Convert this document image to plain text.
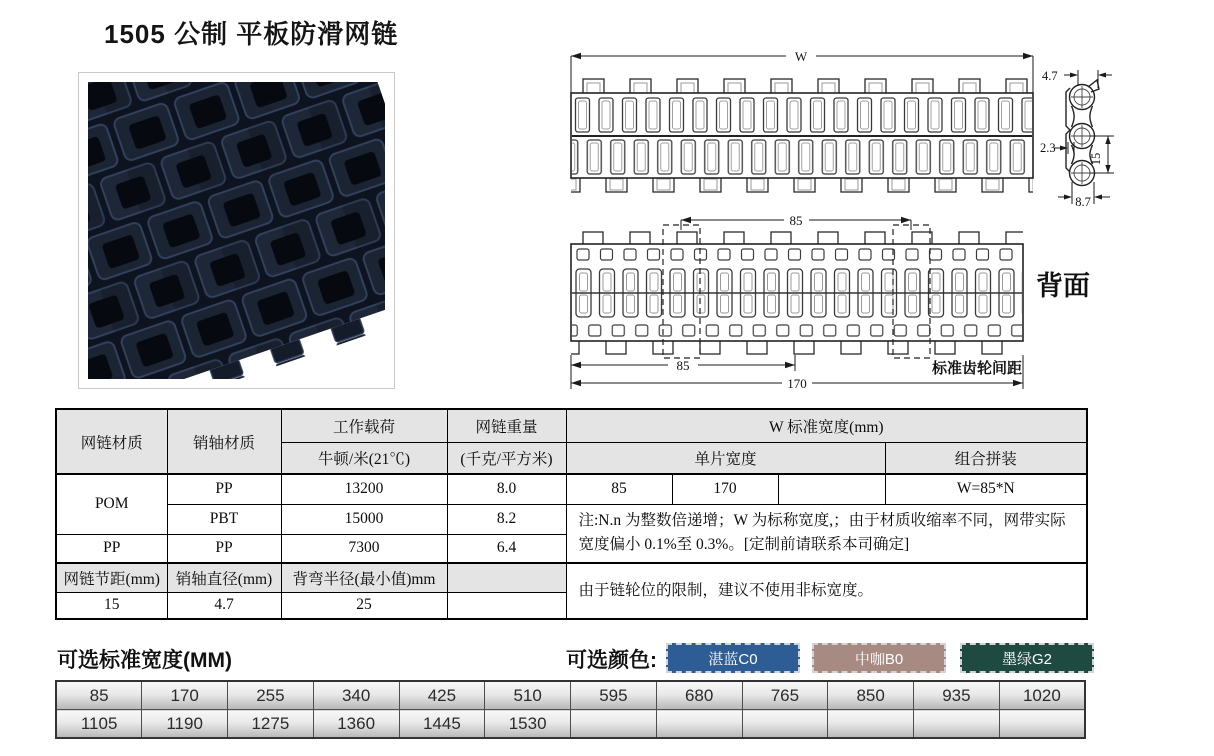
1505 公制 平板防滑网链
W
4.7
2.3
15
8.7
85
85
170
标准齿轮间距
背面
网链材质	销轴材质	工作载荷	网链重量	W 标准宽度(mm)			
		牛顿/米(21℃)	(千克/平方米)	单片宽度			组合拼装
POM	PP	13200	8.0	85	170		W=85*N
	PBT	15000	8.2	注:N.n 为整数倍递增；W 为标称宽度,；由于材质收缩率不同，网带实际宽度偏小 0.1%至 0.3%。[定制前请联系本司确定]			
PP	PP	7300	6.4				
网链节距(mm)	销轴直径(mm)	背弯半径(最小值)mm		由于链轮位的限制，建议不使用非标宽度。			
15	4.7	25					
可选标准宽度(MM)	可选颜色:	湛蓝C0	中咖B0	墨绿G2
85	170	255	340	425	510	595	680	765	850	935	1020
1105	1190	1275	1360	1445	1530						
